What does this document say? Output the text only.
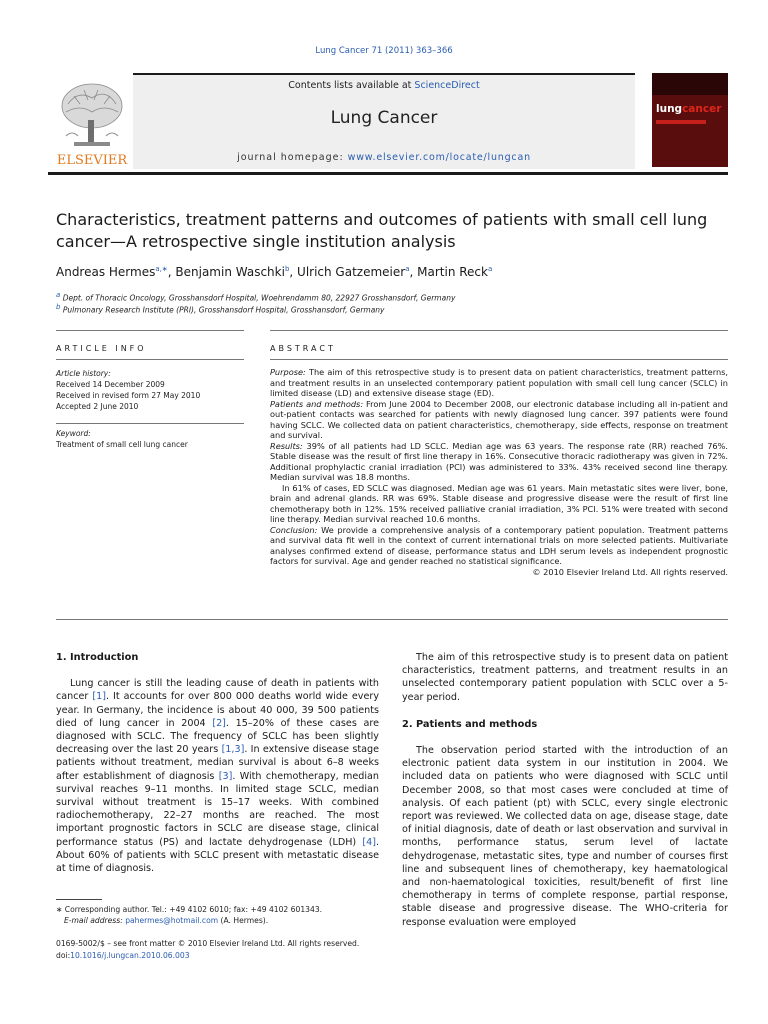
Lung Cancer 71 (2011) 363–366
Contents lists available at ScienceDirect
Lung Cancer
journal homepage: www.elsevier.com/locate/lungcan
ELSEVIER
lungcancer
Characteristics, treatment patterns and outcomes of patients with small cell lung
cancer—A retrospective single institution analysis
Andreas Hermes$^{a,∗}$, Benjamin Waschki$^b$, Ulrich Gatzemeier$^a$, Martin Reck$^a$
$^a$ Dept. of Thoracic Oncology, Grosshansdorf Hospital, Woehrendamm 80, 22927 Grosshansdorf, Germany
$^b$ Pulmonary Research Institute (PRI), Grosshansdorf Hospital, Grosshansdorf, Germany
ARTICLE INFO
Article history:
Received 14 December 2009
Received in revised form 27 May 2010
Accepted 2 June 2010
Keyword:
Treatment of small cell lung cancer
ABSTRACT

Purpose: The aim of this retrospective study is to present data on patient characteristics, treatment patterns, and treatment results in an unselected contemporary patient population with small cell lung cancer (SCLC) in limited disease (LD) and extensive disease stage (ED).

Patients and methods: From June 2004 to December 2008, our electronic database including all in-patient and out-patient contacts was searched for patients with newly diagnosed lung cancer. 397 patients were found having SCLC. We collected data on patient characteristics, chemotherapy, side effects, response on treatment and survival.

Results: 39% of all patients had LD SCLC. Median age was 63 years. The response rate (RR) reached 76%. Stable disease was the result of first line therapy in 16%. Consecutive thoracic radiotherapy was given in 72%. Additional prophylactic cranial irradiation (PCI) was administered to 33%. 43% received second line therapy. Median survival was 18.8 months.

In 61% of cases, ED SCLC was diagnosed. Median age was 61 years. Main metastatic sites were liver, bone, brain and adrenal glands. RR was 69%. Stable disease and progressive disease were the result of first line chemotherapy both in 12%. 15% received palliative cranial irradiation, 3% PCI. 51% were treated with second line therapy. Median survival reached 10.6 months.

Conclusion: We provide a comprehensive analysis of a contemporary patient population. Treatment patterns and survival data fit well in the context of current international trials on more selected patients. Multivariate analyses confirmed extend of disease, performance status and LDH serum levels as independent prognostic factors for survival. Age and gender reached no statistical significance.

© 2010 Elsevier Ireland Ltd. All rights reserved.

1. Introduction

Lung cancer is still the leading cause of death in patients with cancer [1]. It accounts for over 800 000 deaths world wide every year. In Germany, the incidence is about 40 000, 39 500 patients died of lung cancer in 2004 [2]. 15–20% of these cases are diagnosed with SCLC. The frequency of SCLC has been slightly decreasing over the last 20 years [1,3]. In extensive disease stage patients without treatment, median survival is about 6–8 weeks after establishment of diagnosis [3]. With chemotherapy, median survival reaches 9–11 months. In limited stage SCLC, median survival without treatment is 15–17 weeks. With combined radiochemotherapy, 22–27 months are reached. The most important prognostic factors in SCLC are disease stage, clinical performance status (PS) and lactate dehydrogenase (LDH) [4]. About 60% of patients with SCLC present with metastatic disease at time of diagnosis.

The aim of this retrospective study is to present data on patient characteristics, treatment patterns, and treatment results in an unselected contemporary patient population with SCLC over a 5-year period.

2. Patients and methods

The observation period started with the introduction of an electronic patient data system in our institution in 2004. We included data on patients who were diagnosed with SCLC until December 2008, so that most cases were concluded at time of analysis. Of each patient (pt) with SCLC, every single electronic report was reviewed. We collected data on age, disease stage, date of initial diagnosis, date of death or last observation and survival in months, performance status, serum level of lactate dehydrogenase, metastatic sites, type and number of courses first line and subsequent lines of chemotherapy, key haematological and non-haematological toxicities, result/benefit of first line chemotherapy in terms of complete response, partial response, stable disease and progressive disease. The WHO-criteria for response evaluation were employed

∗ Corresponding author. Tel.: +49 4102 6010; fax: +49 4102 601343.
E-mail address: pahermes@hotmail.com (A. Hermes).
0169-5002/$ – see front matter © 2010 Elsevier Ireland Ltd. All rights reserved.
doi:10.1016/j.lungcan.2010.06.003
